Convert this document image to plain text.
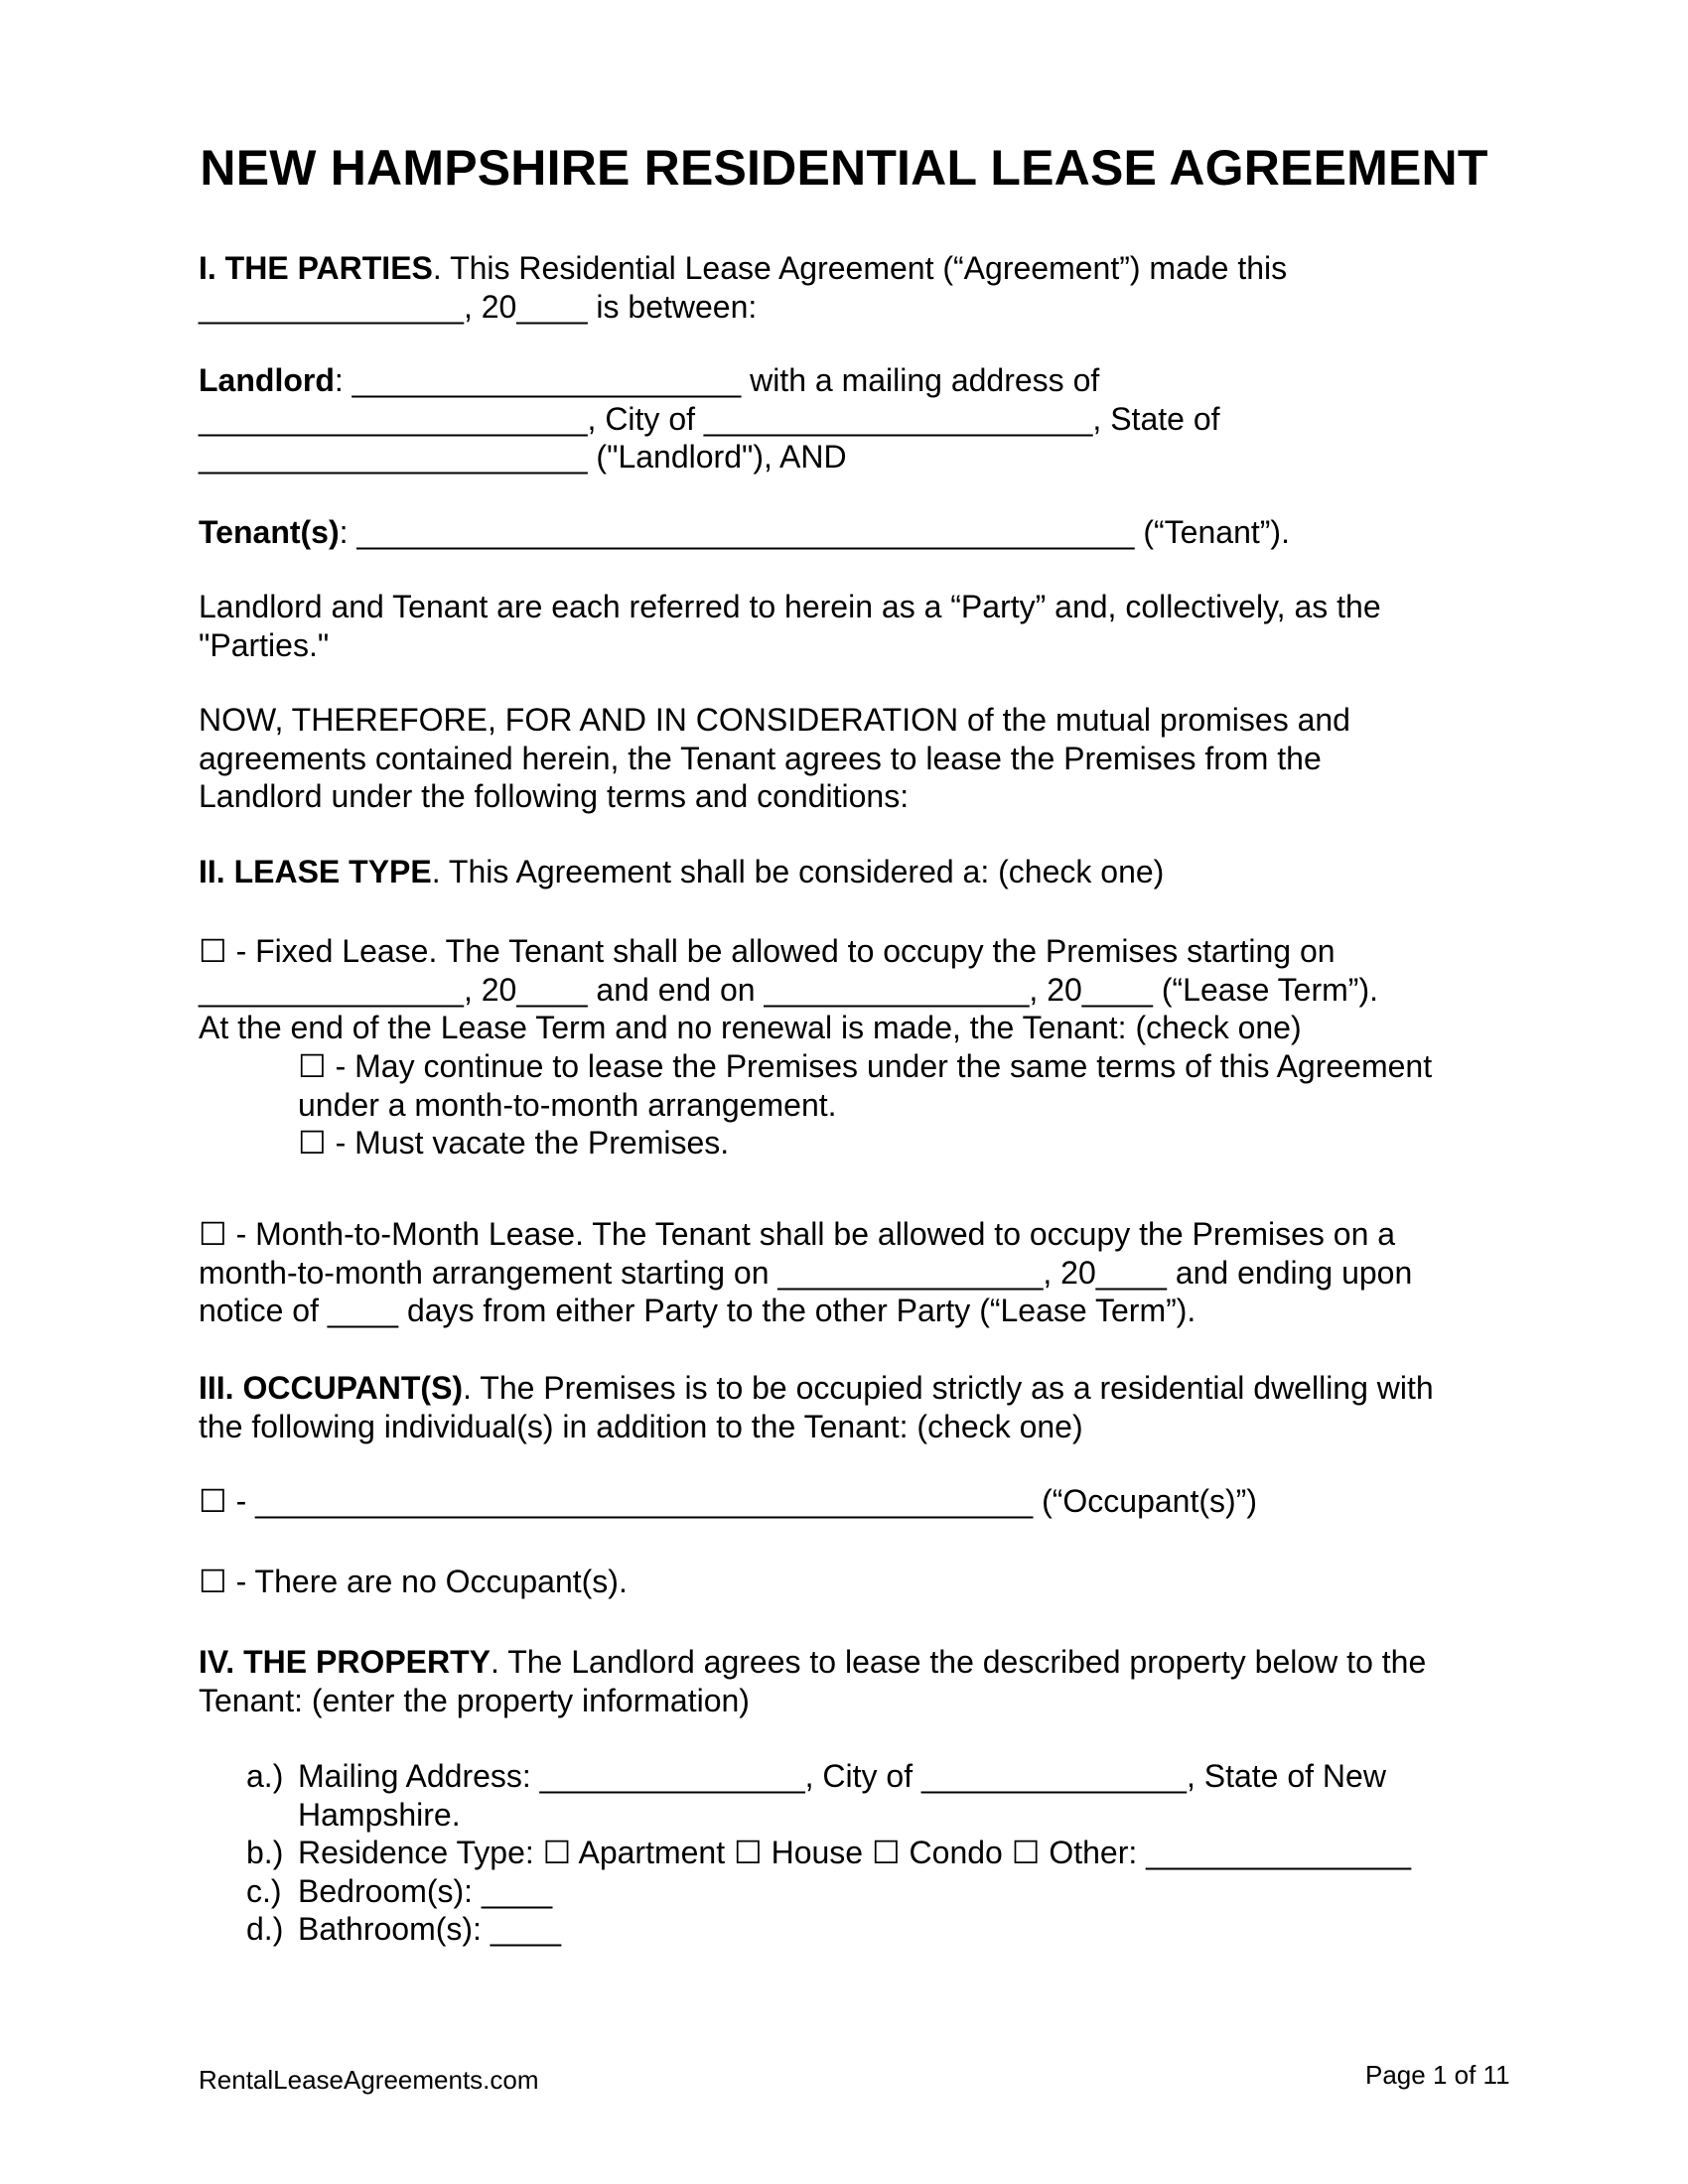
NEW HAMPSHIRE RESIDENTIAL LEASE AGREEMENT
I. THE PARTIES. This Residential Lease Agreement (“Agreement”) made this
_______________, 20____ is between:
Landlord: ______________________ with a mailing address of
______________________, City of ______________________, State of
______________________ ("Landlord"), AND
Tenant(s): ____________________________________________ (“Tenant”).
Landlord and Tenant are each referred to herein as a “Party” and, collectively, as the
"Parties."
NOW, THEREFORE, FOR AND IN CONSIDERATION of the mutual promises and
agreements contained herein, the Tenant agrees to lease the Premises from the
Landlord under the following terms and conditions:
II. LEASE TYPE. This Agreement shall be considered a: (check one)
☐ - Fixed Lease. The Tenant shall be allowed to occupy the Premises starting on
_______________, 20____ and end on _______________, 20____ (“Lease Term”).
At the end of the Lease Term and no renewal is made, the Tenant: (check one)
☐ - May continue to lease the Premises under the same terms of this Agreement
under a month-to-month arrangement.
☐ - Must vacate the Premises.
☐ - Month-to-Month Lease. The Tenant shall be allowed to occupy the Premises on a
month-to-month arrangement starting on _______________, 20____ and ending upon
notice of ____ days from either Party to the other Party (“Lease Term”).
III. OCCUPANT(S). The Premises is to be occupied strictly as a residential dwelling with
the following individual(s) in addition to the Tenant: (check one)
☐ - ____________________________________________ (“Occupant(s)”)
☐ - There are no Occupant(s).
IV. THE PROPERTY. The Landlord agrees to lease the described property below to the
Tenant: (enter the property information)
a.) Mailing Address: _______________, City of _______________, State of New
Hampshire.
b.) Residence Type: ☐ Apartment ☐ House ☐ Condo ☐ Other: _______________
c.) Bedroom(s): ____
d.) Bathroom(s): ____
RentalLeaseAgreements.com	Page 1 of 11
